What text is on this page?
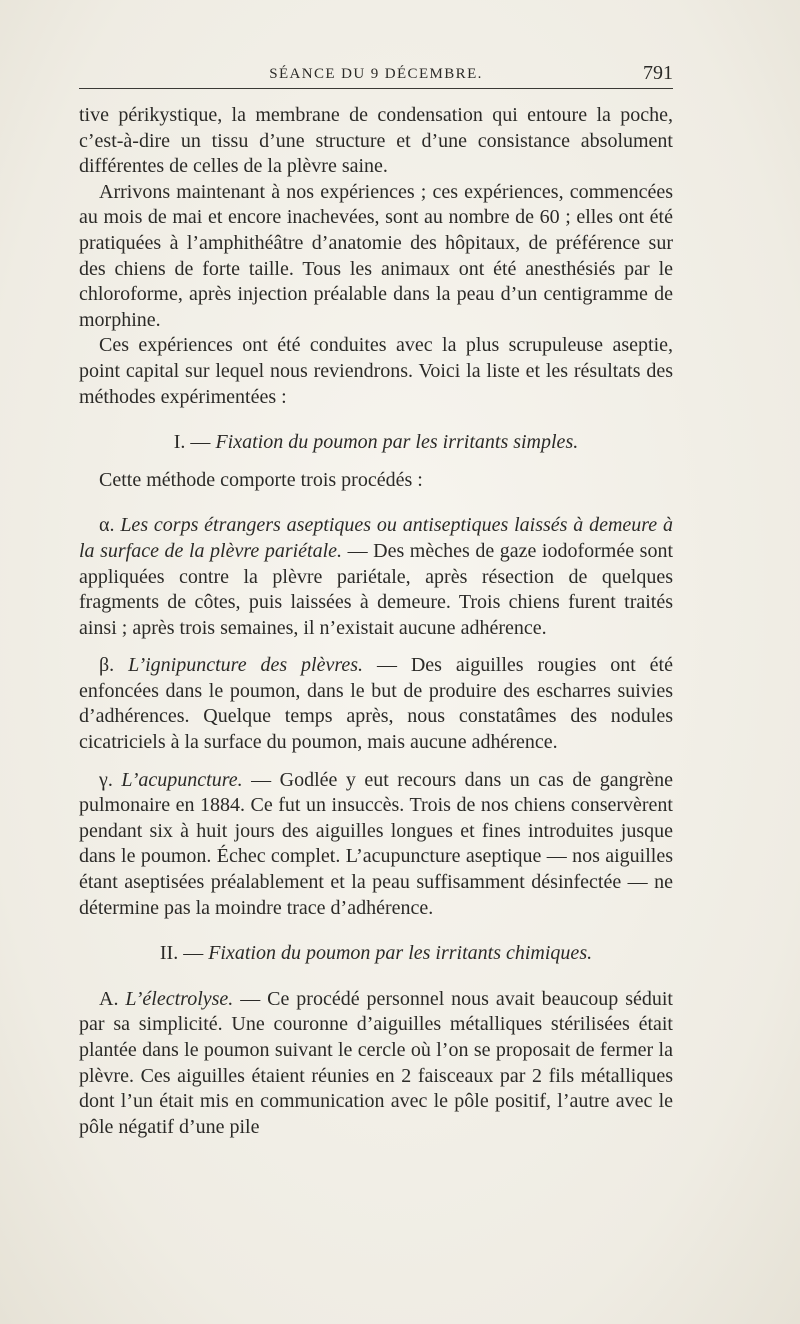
SÉANCE DU 9 DÉCEMBRE.	791

tive périkystique, la membrane de condensation qui entoure la poche, c’est-à-dire un tissu d’une structure et d’une consistance absolument différentes de celles de la plèvre saine.

Arrivons maintenant à nos expériences ; ces expériences, commencées au mois de mai et encore inachevées, sont au nombre de 60 ; elles ont été pratiquées à l’amphithéâtre d’anatomie des hôpitaux, de préférence sur des chiens de forte taille. Tous les animaux ont été anesthésiés par le chloroforme, après injection préalable dans la peau d’un centigramme de morphine.

Ces expériences ont été conduites avec la plus scrupuleuse aseptie, point capital sur lequel nous reviendrons. Voici la liste et les résultats des méthodes expérimentées :

I. — Fixation du poumon par les irritants simples.

Cette méthode comporte trois procédés :

α. Les corps étrangers aseptiques ou antiseptiques laissés à demeure à la surface de la plèvre pariétale. — Des mèches de gaze iodoformée sont appliquées contre la plèvre pariétale, après résection de quelques fragments de côtes, puis laissées à demeure. Trois chiens furent traités ainsi ; après trois semaines, il n’existait aucune adhérence.

β. L’ignipuncture des plèvres. — Des aiguilles rougies ont été enfoncées dans le poumon, dans le but de produire des escharres suivies d’adhérences. Quelque temps après, nous constatâmes des nodules cicatriciels à la surface du poumon, mais aucune adhérence.

γ. L’acupuncture. — Godlée y eut recours dans un cas de gangrène pulmonaire en 1884. Ce fut un insuccès. Trois de nos chiens conservèrent pendant six à huit jours des aiguilles longues et fines introduites jusque dans le poumon. Échec complet. L’acupuncture aseptique — nos aiguilles étant aseptisées préalablement et la peau suffisamment désinfectée — ne détermine pas la moindre trace d’adhérence.

II. — Fixation du poumon par les irritants chimiques.

A. L’électrolyse. — Ce procédé personnel nous avait beaucoup séduit par sa simplicité. Une couronne d’aiguilles métalliques stérilisées était plantée dans le poumon suivant le cercle où l’on se proposait de fermer la plèvre. Ces aiguilles étaient réunies en 2 faisceaux par 2 fils métalliques dont l’un était mis en communication avec le pôle positif, l’autre avec le pôle négatif d’une pile
